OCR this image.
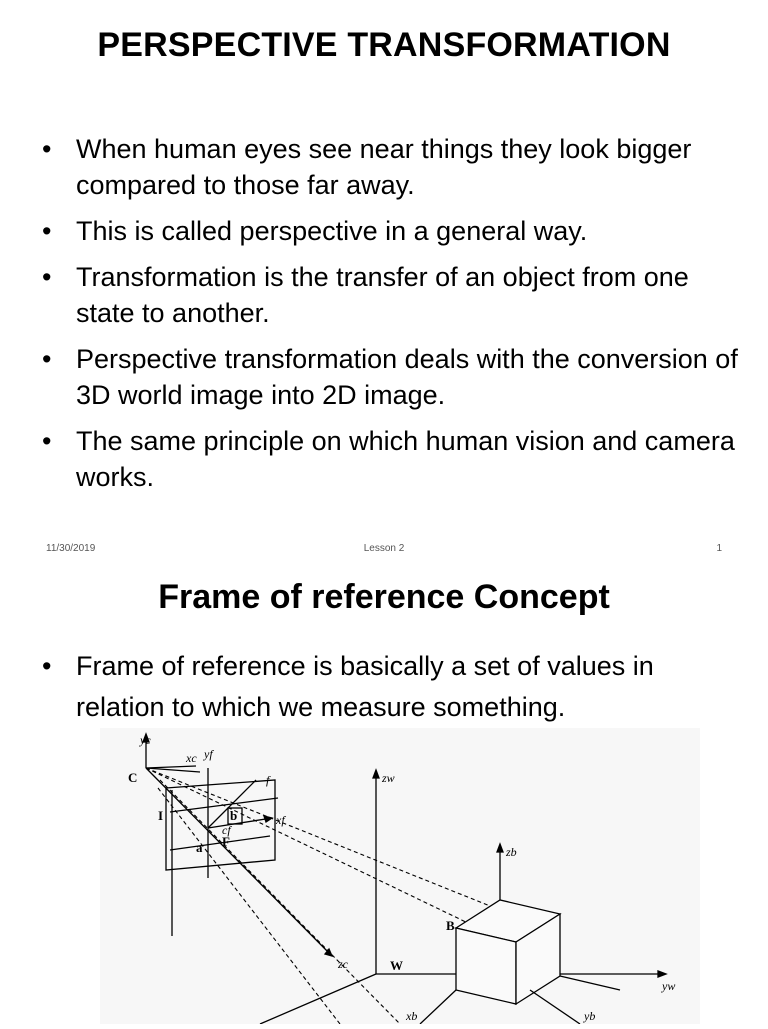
PERSPECTIVE TRANSFORMATION
• When human eyes see near things they look bigger compared to those far away.
• This is called perspective in a general way.
• Transformation is the transfer of an object from one state to another.
• Perspective transformation deals with the conversion of 3D world image into 2D image.
• The same principle on which human vision and camera works.
11/30/2019	Lesson 2	1
Frame of reference Concept
• Frame of reference is basically a set of values in relation to which we measure something.
C
I
F
a
b
W
B
yc
xc yf
xf
zc
zw
yw
xb
zb
yb
cf
f
